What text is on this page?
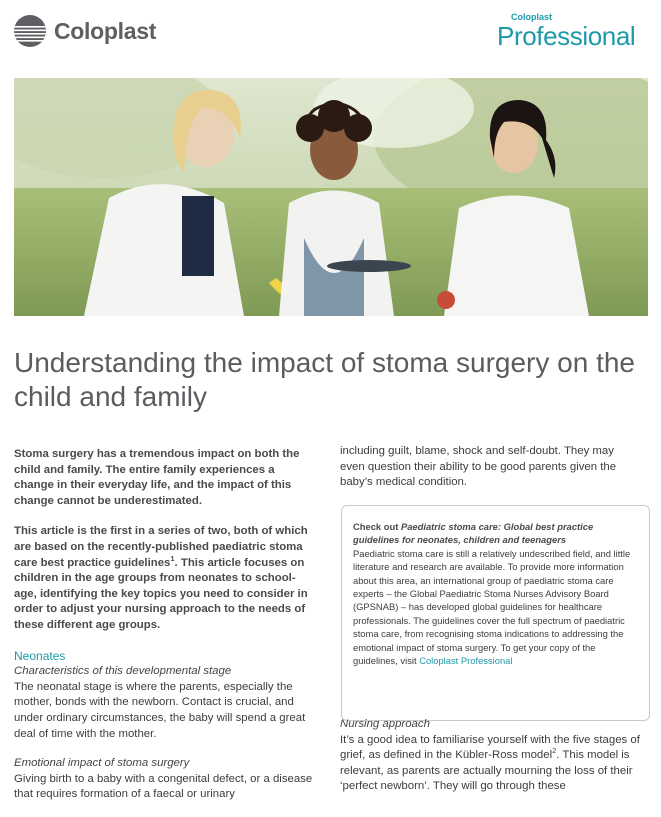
Coloplast
Coloplast
Professional
Understanding the impact of stoma surgery on the child and family

Stoma surgery has a tremendous impact on both the child and family. The entire family experiences a change in their everyday life, and the impact of this change cannot be underestimated.

This article is the first in a series of two, both of which are based on the recently-published paediatric stoma care best practice guidelines$^1$. This article focuses on children in the age groups from neonates to school-age, identifying the key topics you need to consider in order to adjust your nursing approach to the needs of these different age groups.

Neonates

Characteristics of this developmental stage

The neonatal stage is where the parents, especially the mother, bonds with the newborn. Contact is crucial, and under ordinary circumstances, the baby will spend a great deal of time with the mother.

Emotional impact of stoma surgery

Giving birth to a baby with a congenital defect, or a disease that requires formation of a faecal or urinary

including guilt, blame, shock and self-doubt. They may even question their ability to be good parents given the baby’s medical condition.

Check out Paediatric stoma care: Global best practice guidelines for neonates, children and teenagers

Paediatric stoma care is still a relatively undescribed field, and little literature and research are available. To provide more information about this area, an international group of paediatric stoma care experts – the Global Paediatric Stoma Nurses Advisory Board (GPSNAB) – has developed global guidelines for healthcare professionals. The guidelines cover the full spectrum of paediatric stoma care, from recognising stoma indications to addressing the emotional impact of stoma surgery. To get your copy of the guidelines, visit Coloplast Professional

Nursing approach

It’s a good idea to familiarise yourself with the five stages of grief, as defined in the Kübler-Ross model$^2$. This model is relevant, as parents are actually mourning the loss of their ‘perfect newborn’. They will go through these
